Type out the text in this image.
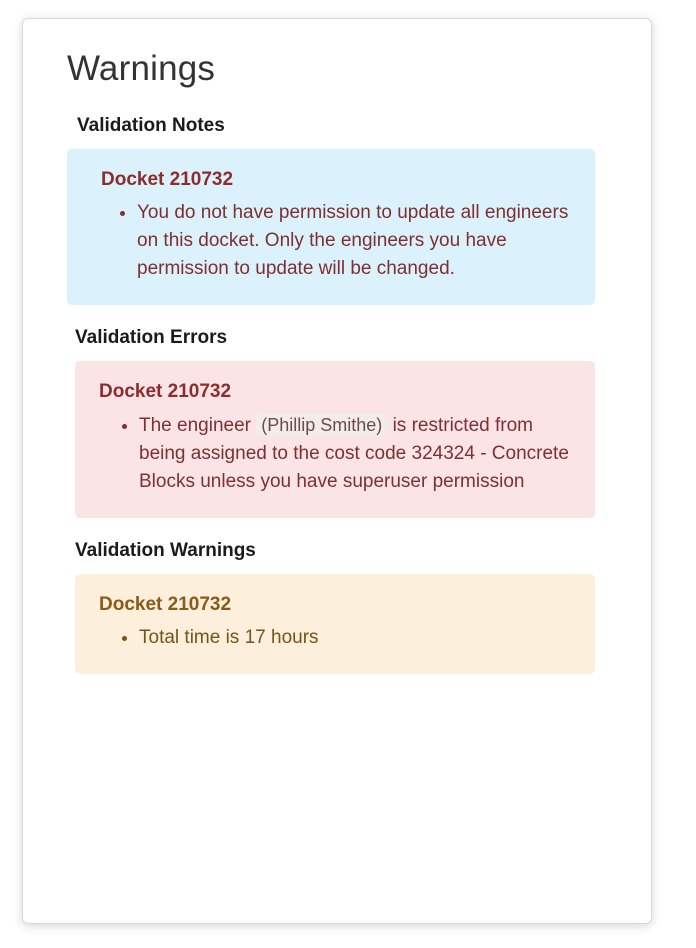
Warnings
Validation Notes
Docket 210732
• You do not have permission to update all engineers on this docket. Only the engineers you have permission to update will be changed.
Validation Errors
Docket 210732
• The engineer (Phillip Smithe) is restricted from being assigned to the cost code 324324 - Concrete Blocks unless you have superuser permission
Validation Warnings
Docket 210732
• Total time is 17 hours
